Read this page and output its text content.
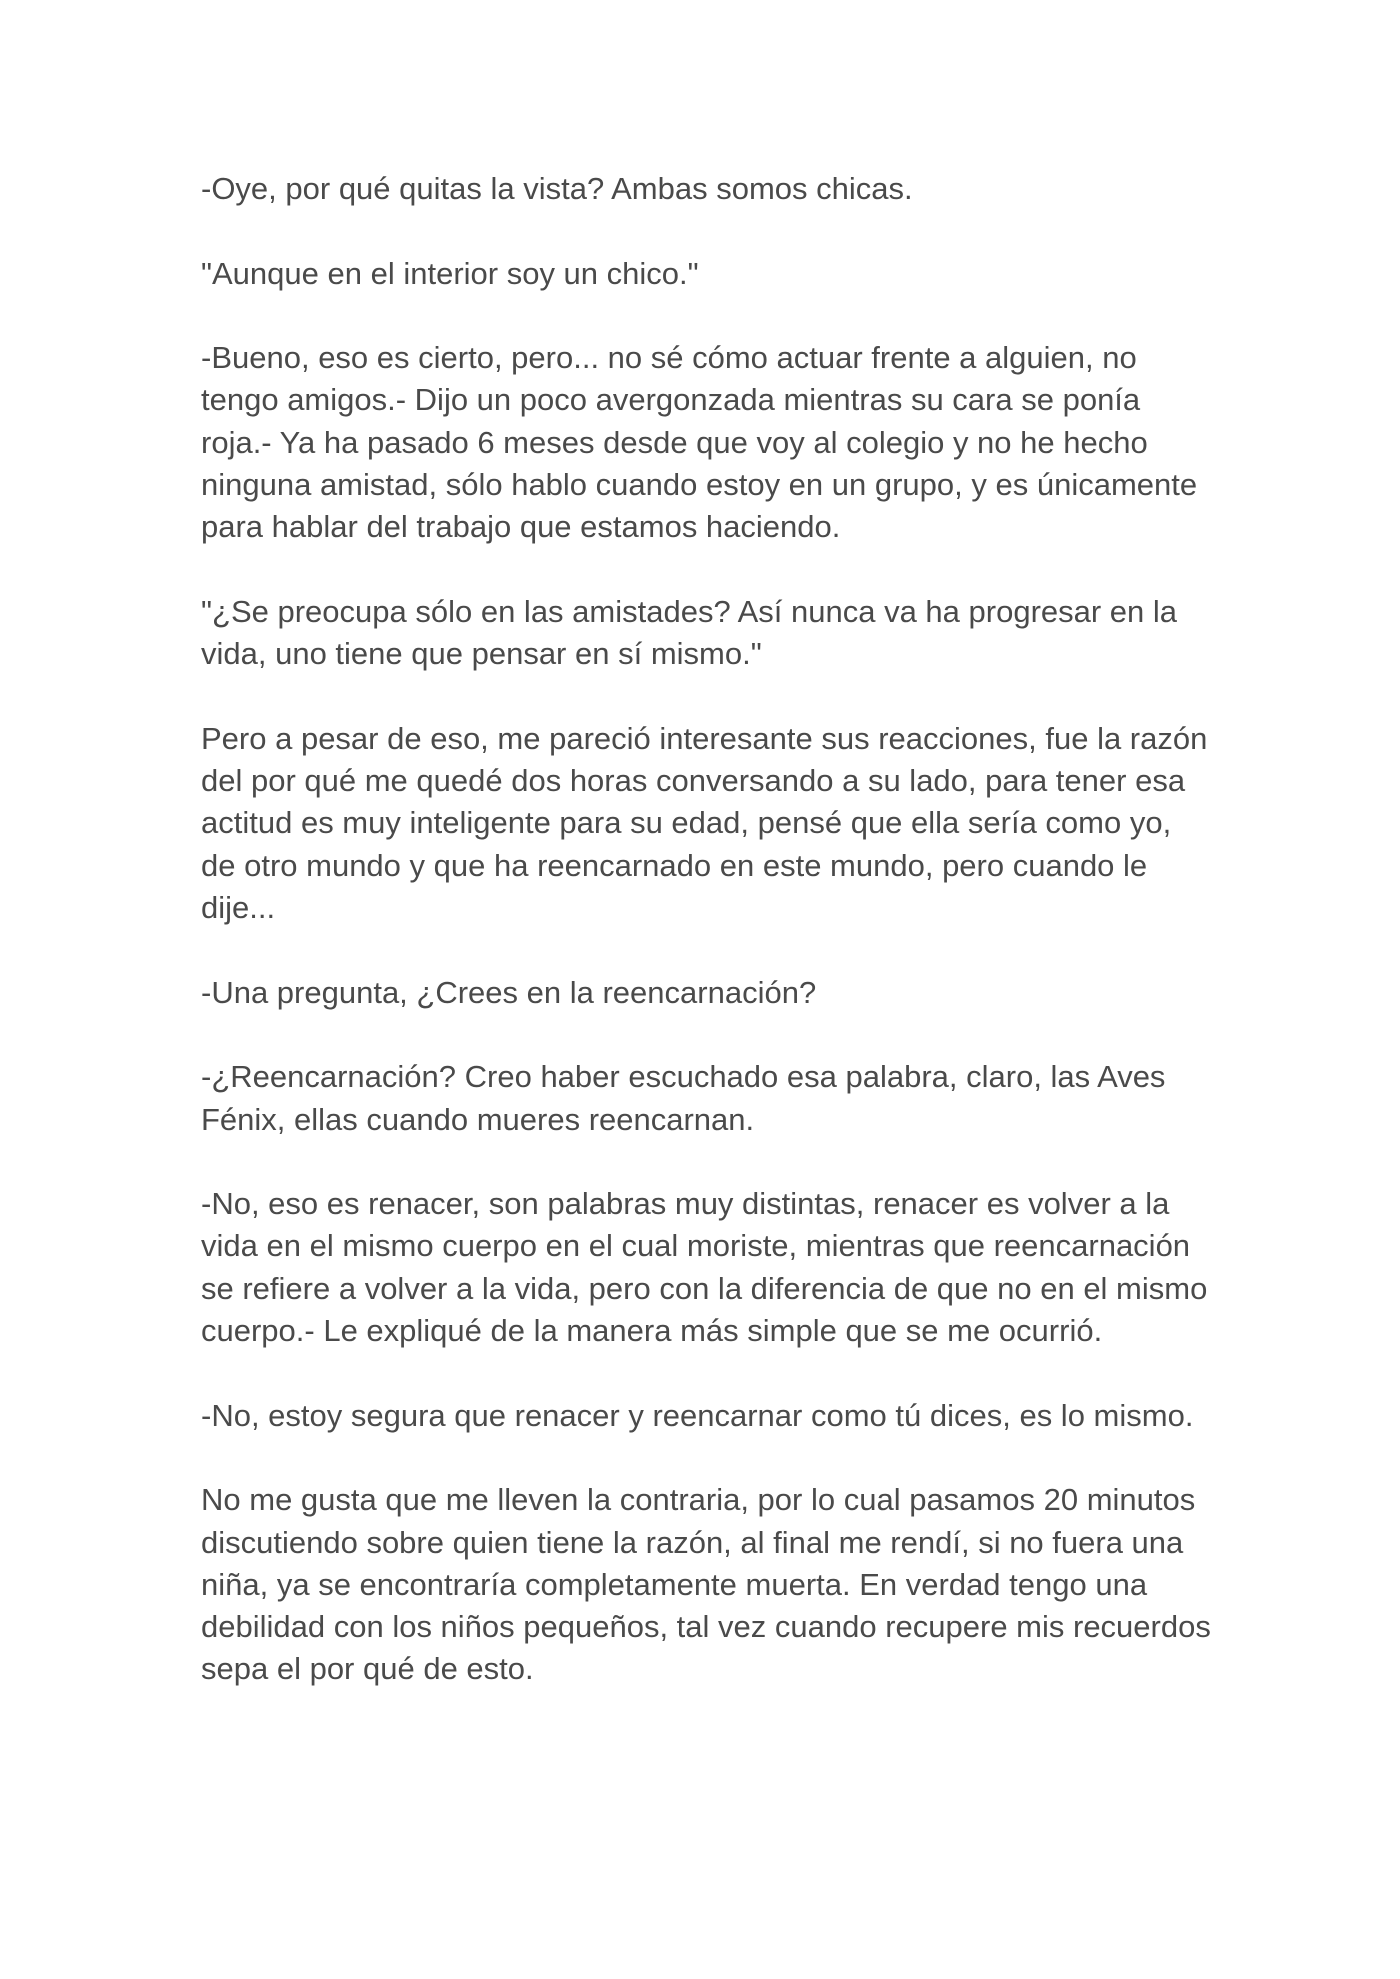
-Oye, por qué quitas la vista? Ambas somos chicas.

"Aunque en el interior soy un chico."

-Bueno, eso es cierto, pero... no sé cómo actuar frente a alguien, no tengo amigos.- Dijo un poco avergonzada mientras su cara se ponía roja.- Ya ha pasado 6 meses desde que voy al colegio y no he hecho ninguna amistad, sólo hablo cuando estoy en un grupo, y es únicamente para hablar del trabajo que estamos haciendo.

"¿Se preocupa sólo en las amistades? Así nunca va ha progresar en la vida, uno tiene que pensar en sí mismo."

Pero a pesar de eso, me pareció interesante sus reacciones, fue la razón del por qué me quedé dos horas conversando a su lado, para tener esa actitud es muy inteligente para su edad, pensé que ella sería como yo, de otro mundo y que ha reencarnado en este mundo, pero cuando le dije...

-Una pregunta, ¿Crees en la reencarnación?

-¿Reencarnación? Creo haber escuchado esa palabra, claro, las Aves Fénix, ellas cuando mueres reencarnan.

-No, eso es renacer, son palabras muy distintas, renacer es volver a la vida en el mismo cuerpo en el cual moriste, mientras que reencarnación se refiere a volver a la vida, pero con la diferencia de que no en el mismo cuerpo.- Le expliqué de la manera más simple que se me ocurrió.

-No, estoy segura que renacer y reencarnar como tú dices, es lo mismo.

No me gusta que me lleven la contraria, por lo cual pasamos 20 minutos discutiendo sobre quien tiene la razón, al final me rendí, si no fuera una niña, ya se encontraría completamente muerta. En verdad tengo una debilidad con los niños pequeños, tal vez cuando recupere mis recuerdos sepa el por qué de esto.
